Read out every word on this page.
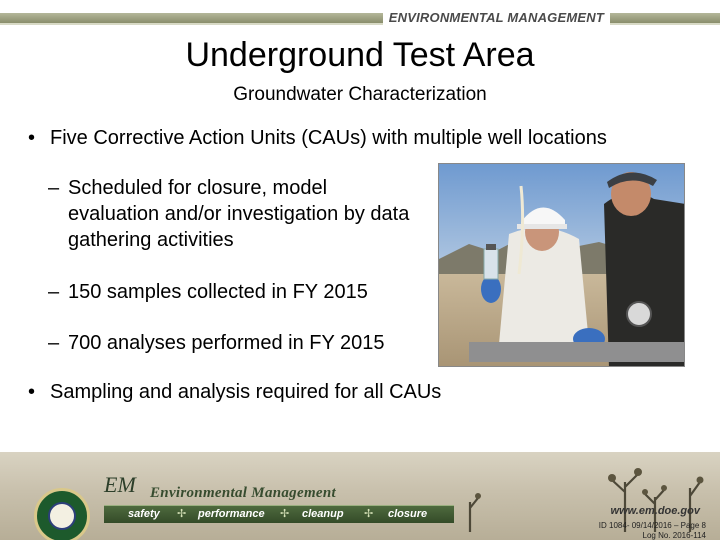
ENVIRONMENTAL MANAGEMENT
Underground Test Area
Groundwater Characterization
• Five Corrective Action Units (CAUs) with multiple well locations
– Scheduled for closure, model evaluation and/or investigation by data gathering activities
– 150 samples collected in FY 2015
– 700 analyses performed in FY 2015
• Sampling and analysis required for all CAUs
EM Environmental Management
safety ✢ performance ✢ cleanup ✢ closure	www.em.doe.gov
ID 1084- 09/14/2016 – Page 8
Log No. 2016-114
